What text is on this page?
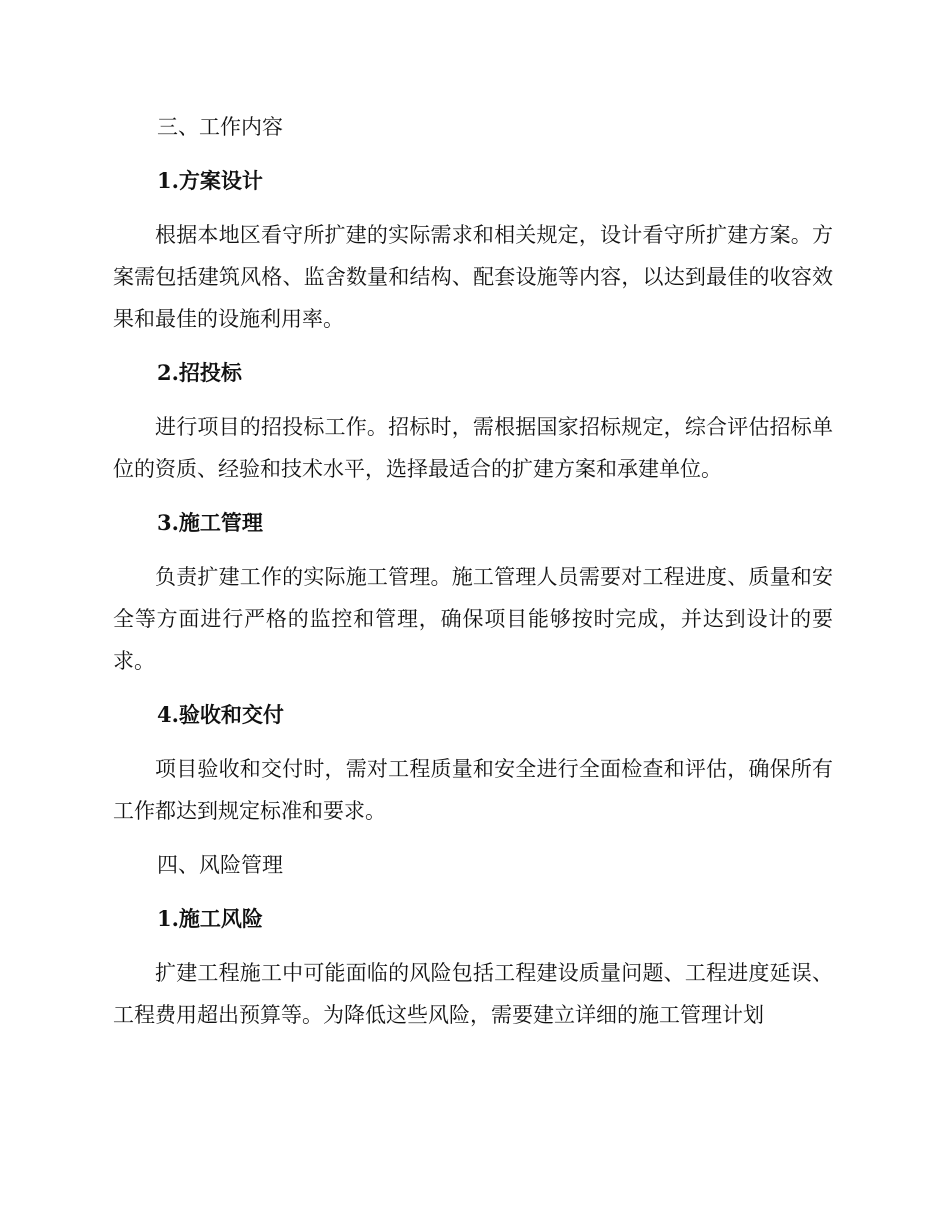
三、工作内容
1.方案设计

根据本地区看守所扩建的实际需求和相关规定，设计看守所扩建方案。方案需包括建筑风格、监舍数量和结构、配套设施等内容，以达到最佳的收容效果和最佳的设施利用率。

2.招投标

进行项目的招投标工作。招标时，需根据国家招标规定，综合评估招标单位的资质、经验和技术水平，选择最适合的扩建方案和承建单位。

3.施工管理

负责扩建工作的实际施工管理。施工管理人员需要对工程进度、质量和安全等方面进行严格的监控和管理，确保项目能够按时完成，并达到设计的要求。

4.验收和交付

项目验收和交付时，需对工程质量和安全进行全面检查和评估，确保所有工作都达到规定标准和要求。

四、风险管理
1.施工风险

扩建工程施工中可能面临的风险包括工程建设质量问题、工程进度延误、工程费用超出预算等。为降低这些风险，需要建立详细的施工管理计划
